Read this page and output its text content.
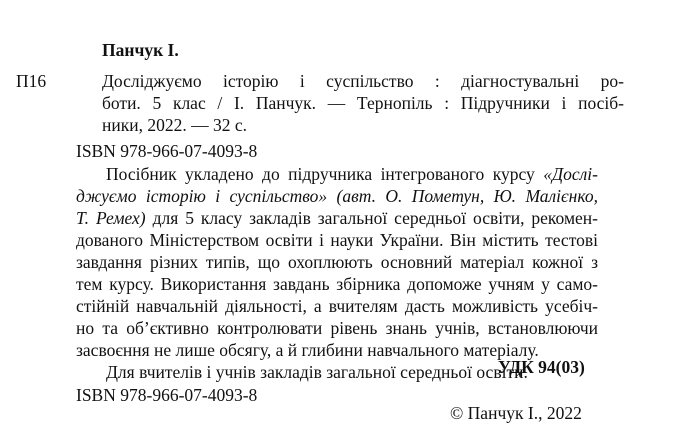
Панчук І.
П16	Досліджуємо історію і суспільство : діагностувальні ро-
боти. 5 клас / І. Панчук. — Тернопіль : Підручники і посіб-
ники, 2022. — 32 с.
ISBN 978-966-07-4093-8
Посібник укладено до підручника інтегрованого курсу «Дослі-
джуємо історію і суспільство» (авт. О. Пометун, Ю. Малієнко,
Т. Ремех) для 5 класу закладів загальної середньої освіти, рекомен-
дованого Міністерством освіти і науки України. Він містить тестові
завдання різних типів, що охоплюють основний матеріал кожної з
тем курсу. Використання завдань збірника допоможе учням у само-
стійній навчальній діяльності, а вчителям дасть можливість усебіч-
но та об’єктивно контролювати рівень знань учнів, встановлюючи
засвоєння не лише обсягу, а й глибини навчального матеріалу.
Для вчителів і учнів закладів загальної середньої освіти.
УДК 94(03)
ISBN 978-966-07-4093-8
© Панчук І., 2022
